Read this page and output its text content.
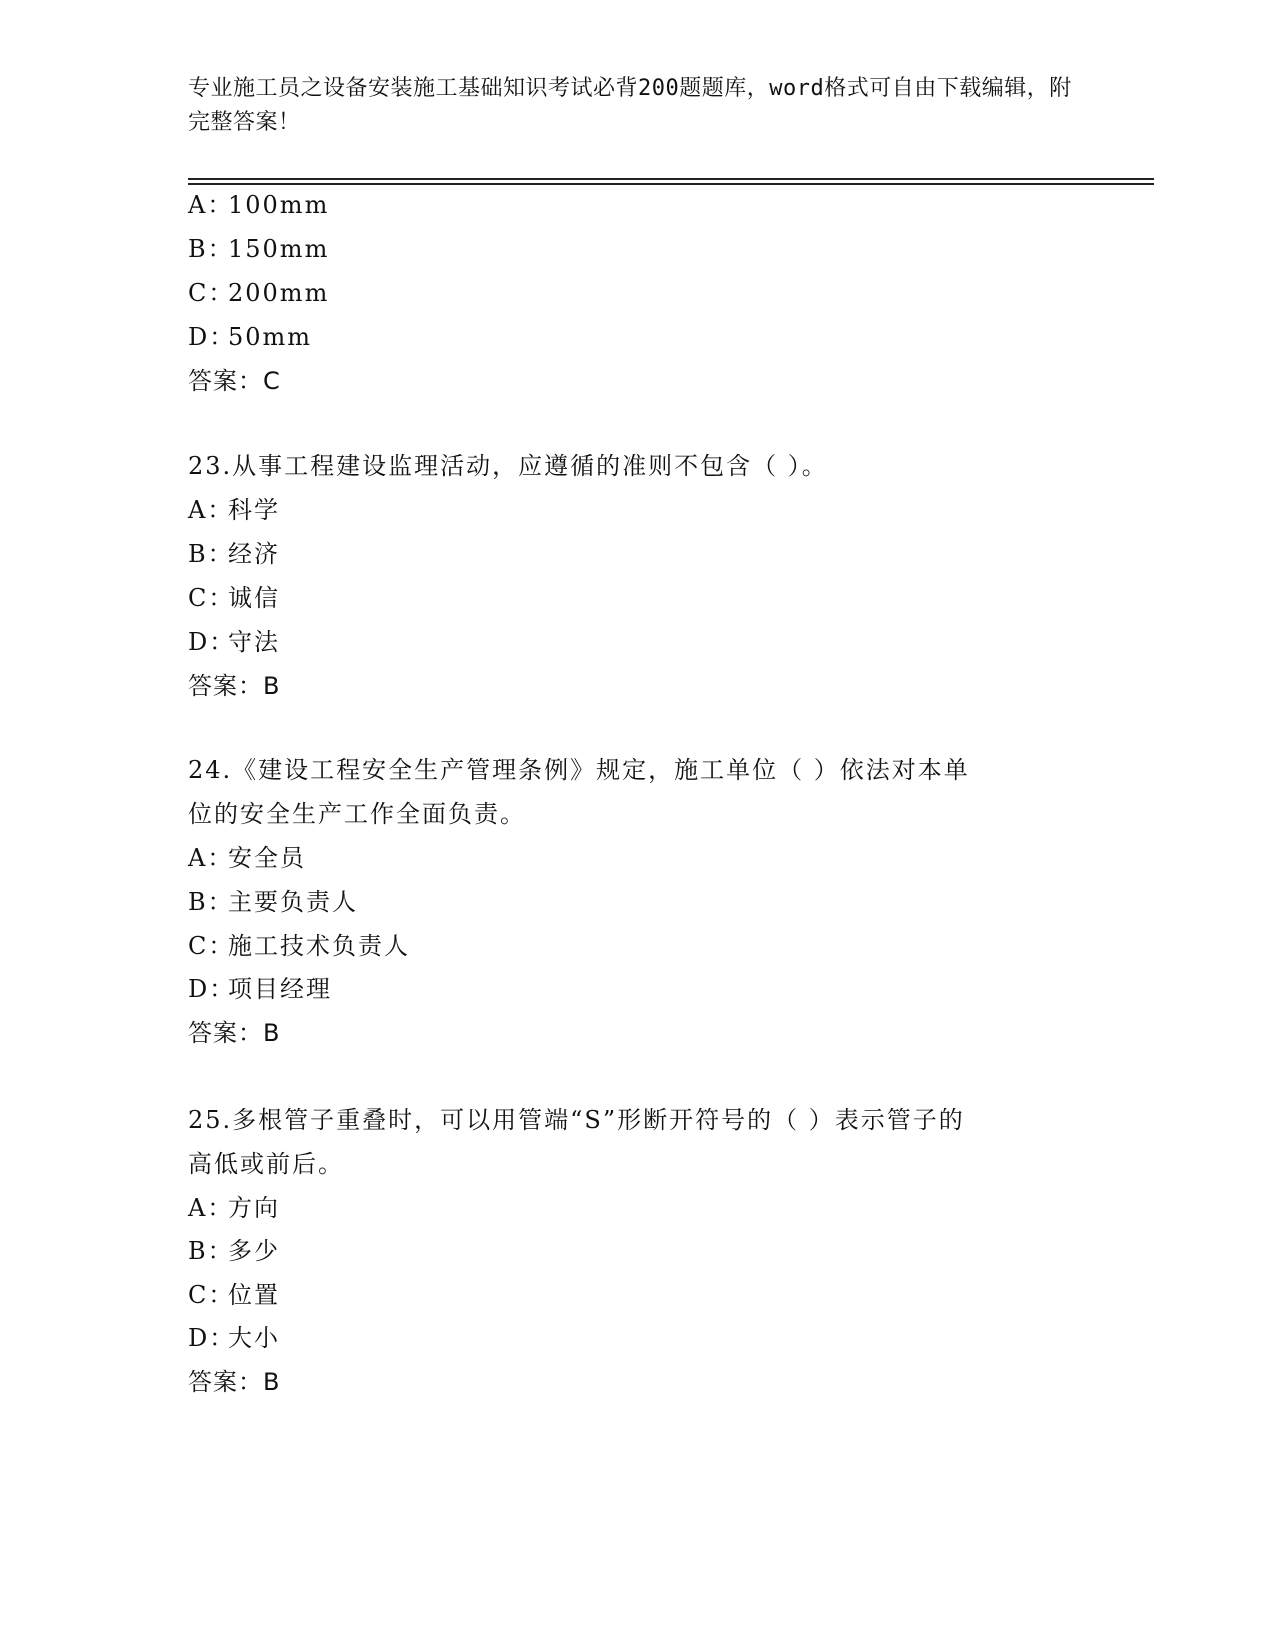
专业施工员之设备安装施工基础知识考试必背200题题库，word格式可自由下载编辑，附完整答案！
A：100mm
B：150mm
C：200mm
D：50mm
答案：C
23.从事工程建设监理活动，应遵循的准则不包含（ ）。
A：科学
B：经济
C：诚信
D：守法
答案：B
24.《建设工程安全生产管理条例》规定，施工单位（ ）依法对本单
位的安全生产工作全面负责。
A：安全员
B：主要负责人
C：施工技术负责人
D：项目经理
答案：B
25.多根管子重叠时，可以用管端“S”形断开符号的（ ）表示管子的
高低或前后。
A：方向
B：多少
C：位置
D：大小
答案：B
